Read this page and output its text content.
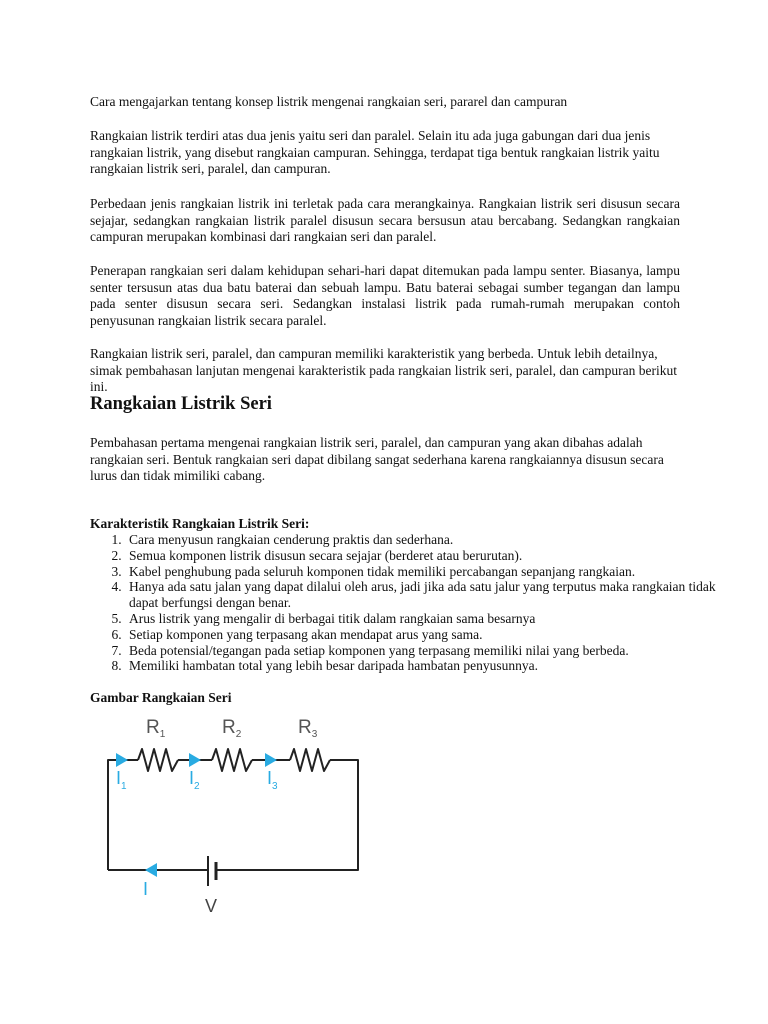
Cara mengajarkan tentang konsep listrik mengenai rangkaian seri, pararel dan campuran

Rangkaian listrik terdiri atas dua jenis yaitu seri dan paralel. Selain itu ada juga gabungan dari dua jenis rangkaian listrik, yang disebut rangkaian campuran. Sehingga, terdapat tiga bentuk rangkaian listrik yaitu rangkaian listrik seri, paralel, dan campuran.

Perbedaan jenis rangkaian listrik ini terletak pada cara merangkainya. Rangkaian listrik seri disusun secara sejajar, sedangkan rangkaian listrik paralel disusun secara bersusun atau bercabang. Sedangkan rangkaian campuran merupakan kombinasi dari rangkaian seri dan paralel.

Penerapan rangkaian seri dalam kehidupan sehari-hari dapat ditemukan pada lampu senter. Biasanya, lampu senter tersusun atas dua batu baterai dan sebuah lampu. Batu baterai sebagai sumber tegangan dan lampu pada senter disusun secara seri. Sedangkan instalasi listrik pada rumah-rumah merupakan contoh penyusunan rangkaian listrik secara paralel.

Rangkaian listrik seri, paralel, dan campuran memiliki karakteristik yang berbeda. Untuk lebih detailnya, simak pembahasan lanjutan mengenai karakteristik pada rangkaian listrik seri, paralel, dan campuran berikut ini.

Rangkaian Listrik Seri

Pembahasan pertama mengenai rangkaian listrik seri, paralel, dan campuran yang akan dibahas adalah rangkaian seri. Bentuk rangkaian seri dapat dibilang sangat sederhana karena rangkaiannya disusun secara lurus dan tidak mimiliki cabang.

Karakteristik Rangkaian Listrik Seri:

1. Cara menyusun rangkaian cenderung praktis dan sederhana.
2. Semua komponen listrik disusun secara sejajar (berderet atau berurutan).
3. Kabel penghubung pada seluruh komponen tidak memiliki percabangan sepanjang rangkaian.
4. Hanya ada satu jalan yang dapat dilalui oleh arus, jadi jika ada satu jalur yang terputus maka rangkaian tidak dapat berfungsi dengan benar.
5. Arus listrik yang mengalir di berbagai titik dalam rangkaian sama besarnya
6. Setiap komponen yang terpasang akan mendapat arus yang sama.
7. Beda potensial/tegangan pada setiap komponen yang terpasang memiliki nilai yang berbeda.
8. Memiliki hambatan total yang lebih besar daripada hambatan penyusunnya.

Gambar Rangkaian Seri

$R_1$	$R_2$	$R_3$
$I_1$	$I_2$	$I_3$
I
V
